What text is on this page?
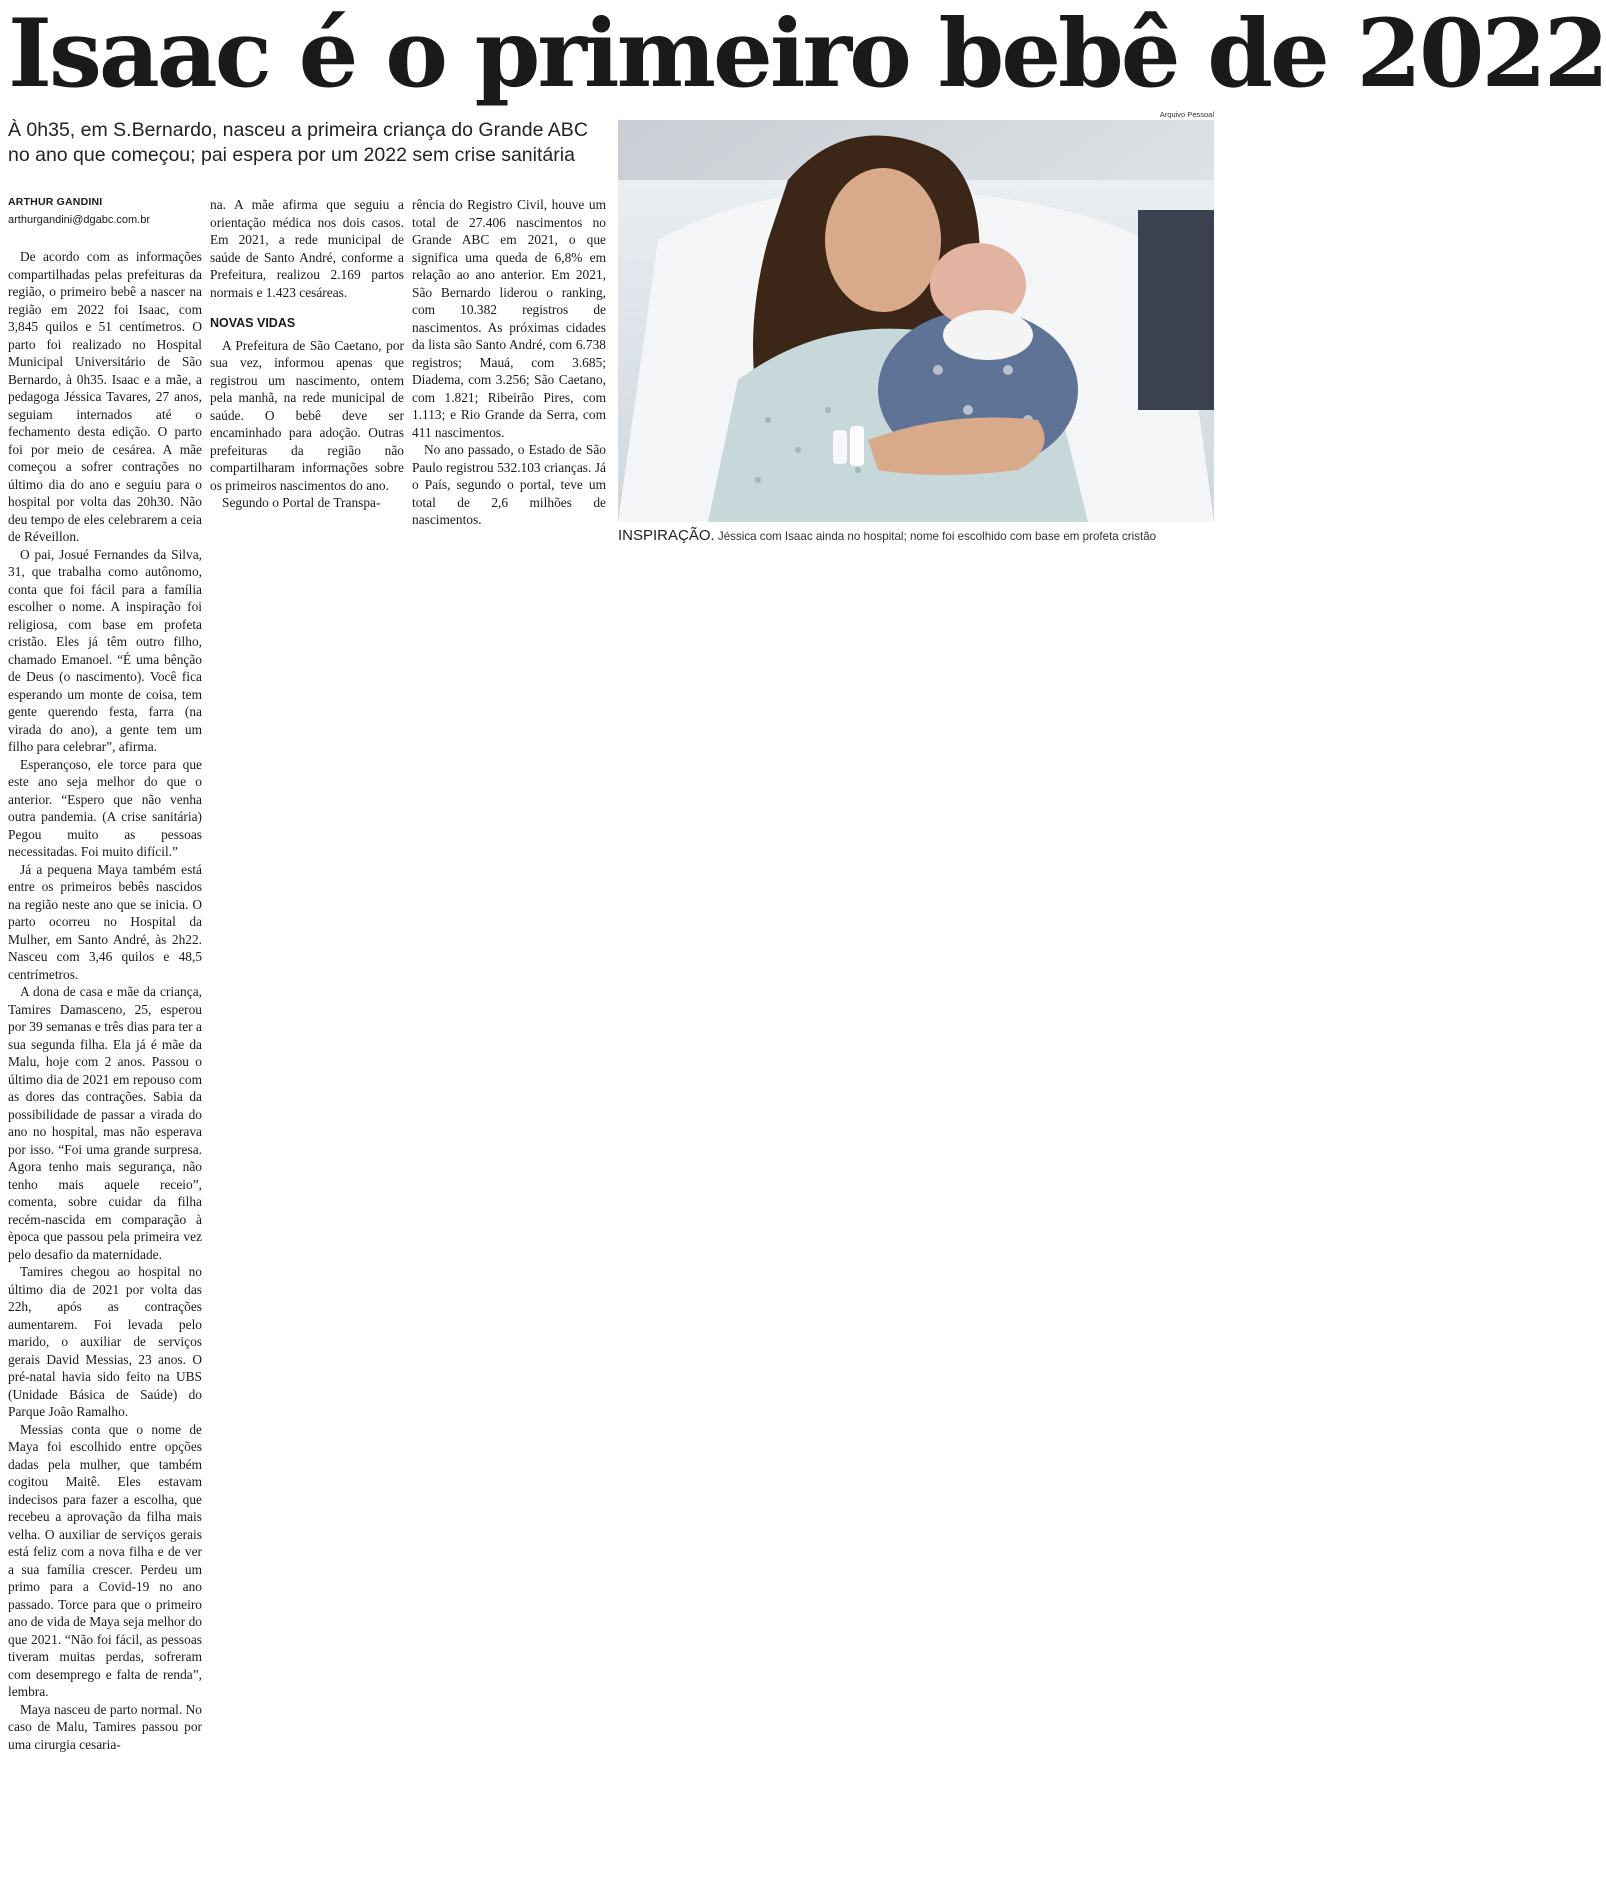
Isaac é o primeiro bebê de 2022
À 0h35, em S.Bernardo, nasceu a primeira criança do Grande ABC no ano que começou; pai espera por um 2022 sem crise sanitária
ARTHUR GANDINI
arthurgandini@dgabc.com.br

De acordo com as informações compartilhadas pelas prefeituras da região, o primeiro bebê a nascer na região em 2022 foi Isaac, com 3,845 quilos e 51 centímetros. O parto foi realizado no Hospital Municipal Universitário de São Bernardo, à 0h35. Isaac e a mãe, a pedagoga Jéssica Tavares, 27 anos, seguiam internados até o fechamento desta edição. O parto foi por meio de cesárea. A mãe começou a sofrer contrações no último dia do ano e seguiu para o hospital por volta das 20h30. Não deu tempo de eles celebrarem a ceia de Réveillon.

O pai, Josué Fernandes da Silva, 31, que trabalha como autônomo, conta que foi fácil para a família escolher o nome. A inspiração foi religiosa, com base em profeta cristão. Eles já têm outro filho, chamado Emanoel. “É uma bênção de Deus (o nascimento). Você fica esperando um monte de coisa, tem gente querendo festa, farra (na virada do ano), a gente tem um filho para celebrar”, afirma.

Esperançoso, ele torce para que este ano seja melhor do que o anterior. “Espero que não venha outra pandemia. (A crise sanitária) Pegou muito as pessoas necessitadas. Foi muito difícil.”

Já a pequena Maya também está entre os primeiros bebês nascidos na região neste ano que se inicia. O parto ocorreu no Hospital da Mulher, em Santo André, às 2h22. Nasceu com 3,46 quilos e 48,5 centrímetros.

A dona de casa e mãe da criança, Tamires Damasceno, 25, esperou por 39 semanas e três dias para ter a sua segunda filha. Ela já é mãe da Malu, hoje com 2 anos. Passou o último dia de 2021 em repouso com as dores das contrações. Sabia da possibilidade de passar a virada do ano no hospital, mas não esperava por isso. “Foi uma grande surpresa. Agora tenho mais segurança, não tenho mais aquele receio”, comenta, sobre cuidar da filha recém-nascida em comparação à època que passou pela primeira vez pelo desafio da maternidade.

Tamires chegou ao hospital no último dia de 2021 por volta das 22h, após as contrações aumentarem. Foi levada pelo marido, o auxiliar de serviços gerais David Messias, 23 anos. O pré-natal havia sido feito na UBS (Unidade Básica de Saúde) do Parque João Ramalho.

Messias conta que o nome de Maya foi escolhido entre opções dadas pela mulher, que também cogitou Maitê. Eles estavam indecisos para fazer a escolha, que recebeu a aprovação da filha mais velha. O auxiliar de serviços gerais está feliz com a nova filha e de ver a sua família crescer. Perdeu um primo para a Covid-19 no ano passado. Torce para que o primeiro ano de vida de Maya seja melhor do que 2021. “Não foi fácil, as pessoas tiveram muitas perdas, sofreram com desemprego e falta de renda”, lembra.

Maya nasceu de parto normal. No caso de Malu, Tamires passou por uma cirurgia cesaria-

na. A mãe afirma que seguiu a orientação médica nos dois casos. Em 2021, a rede municipal de saúde de Santo André, conforme a Prefeitura, realizou 2.169 partos normais e 1.423 cesáreas.

NOVAS VIDAS

A Prefeitura de São Caetano, por sua vez, informou apenas que registrou um nascimento, ontem pela manhã, na rede municipal de saúde. O bebê deve ser encaminhado para adoção. Outras prefeituras da região não compartilharam informações sobre os primeiros nascimentos do ano.

Segundo o Portal de Transpa-

rência do Registro Civil, houve um total de 27.406 nascimentos no Grande ABC em 2021, o que significa uma queda de 6,8% em relação ao ano anterior. Em 2021, São Bernardo liderou o ranking, com 10.382 registros de nascimentos. As próximas cidades da lista são Santo André, com 6.738 registros; Mauá, com 3.685; Diadema, com 3.256; São Caetano, com 1.821; Ribeirão Pires, com 1.113; e Rio Grande da Serra, com 411 nascimentos.

No ano passado, o Estado de São Paulo registrou 532.103 crianças. Já o País, segundo o portal, teve um total de 2,6 milhões de nascimentos.

Arquivo Pessoal
INSPIRAÇÃO. Jéssica com Isaac ainda no hospital; nome foi escolhido com base em profeta cristão
